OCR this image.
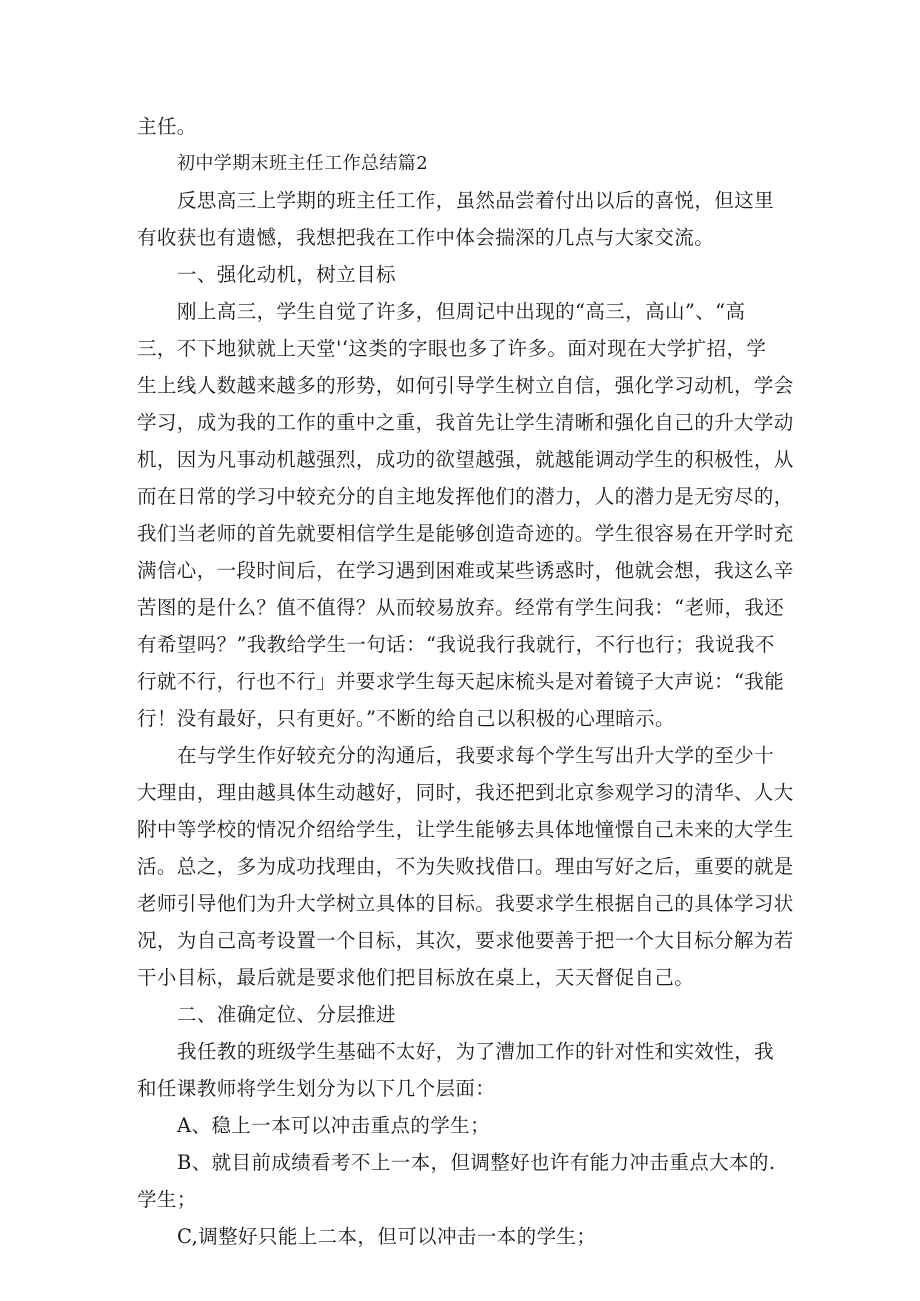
主任。
初中学期末班主任工作总结篇2
反思高三上学期的班主任工作，虽然品尝着付出以后的喜悦，但这里
有收获也有遗憾，我想把我在工作中体会揣深的几点与大家交流。
一、强化动机，树立目标
刚上高三，学生自觉了许多，但周记中出现的“高三，高山”、“高
三，不下地狱就上天堂'‘这类的字眼也多了许多。面对现在大学扩招，学
生上线人数越来越多的形势，如何引导学生树立自信，强化学习动机，学会
学习，成为我的工作的重中之重，我首先让学生清晰和强化自己的升大学动
机，因为凡事动机越强烈，成功的欲望越强，就越能调动学生的积极性，从
而在日常的学习中较充分的自主地发挥他们的潜力，人的潜力是无穷尽的，
我们当老师的首先就要相信学生是能够创造奇迹的。学生很容易在开学时充
满信心，一段时间后，在学习遇到困难或某些诱惑时，他就会想，我这么辛
苦图的是什么？值不值得？从而较易放弃。经常有学生问我：“老师，我还
有希望吗？”我教给学生一句话：“我说我行我就行，不行也行；我说我不
行就不行，行也不行」并要求学生每天起床梳头是对着镜子大声说：“我能
行！没有最好，只有更好。”不断的给自己以积极的心理暗示。
在与学生作好较充分的沟通后，我要求每个学生写出升大学的至少十
大理由，理由越具体生动越好，同时，我还把到北京参观学习的清华、人大
附中等学校的情况介绍给学生，让学生能够去具体地憧憬自己未来的大学生
活。总之，多为成功找理由，不为失败找借口。理由写好之后，重要的就是
老师引导他们为升大学树立具体的目标。我要求学生根据自己的具体学习状
况，为自己高考设置一个目标，其次，要求他要善于把一个大目标分解为若
干小目标，最后就是要求他们把目标放在桌上，天天督促自己。
二、准确定位、分层推进
我任教的班级学生基础不太好，为了漕加工作的针对性和实效性，我
和任课教师将学生划分为以下几个层面：
A、稳上一本可以冲击重点的学生；
B、就目前成绩看考不上一本，但调整好也许有能力冲击重点大本的.
学生；
C,调整好只能上二本，但可以冲击一本的学生；
